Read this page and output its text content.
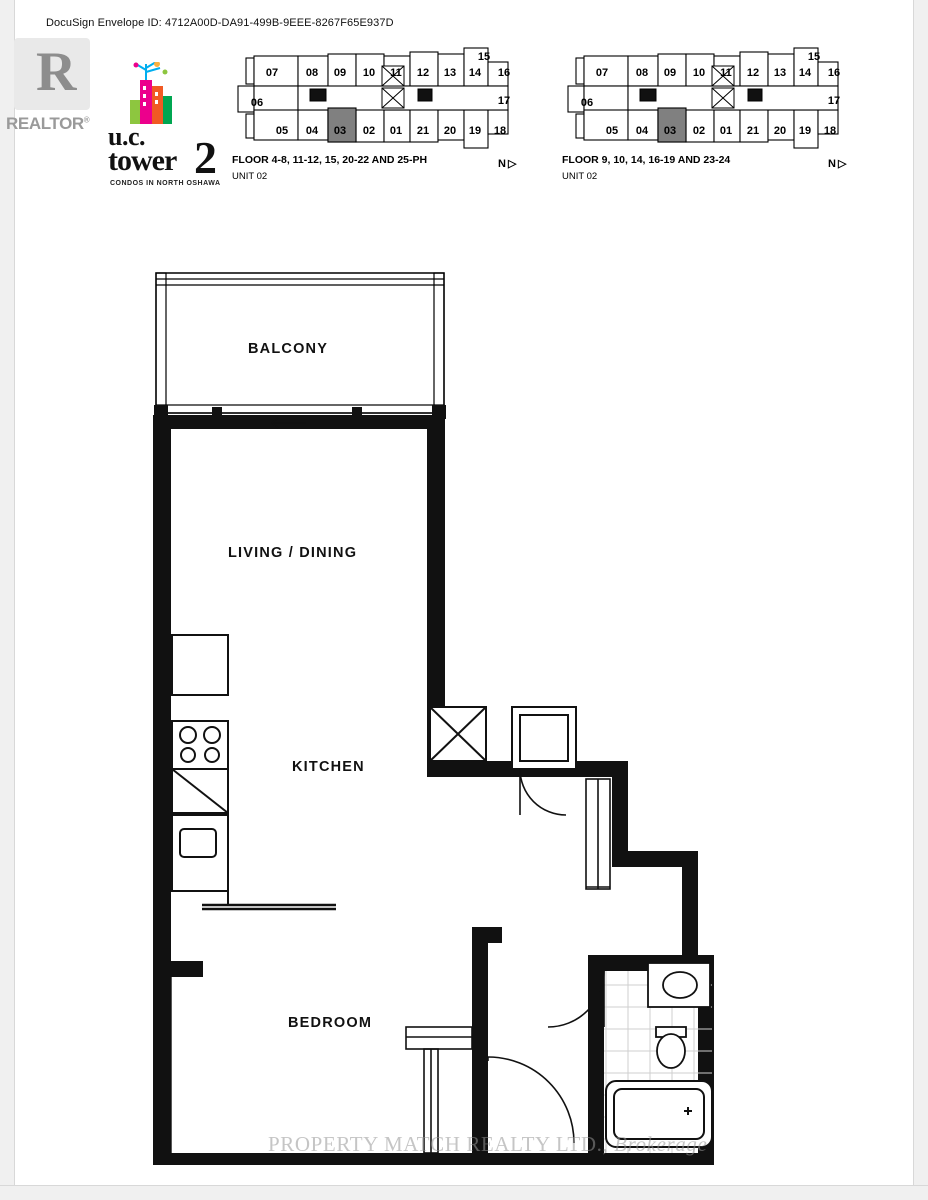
DocuSign Envelope ID: 4712A00D-DA91-499B-9EEE-8267F65E937D
R
REALTOR®
u.c.
tower 2
CONDOS IN NORTH OSHAWA
07	08 09 10 11 12 13 14
15
16
17
06
05 04 03 02 01 21 20 19 18
FLOOR 4-8, 11-12, 15, 20-22 AND 25-PH
UNIT 02
N ▷
07	08 09 10 11 12 13 14
15
16
17
06
05 04 03 02 01 21 20 19 18
FLOOR 9, 10, 14, 16-19 AND 23-24
UNIT 02
N ▷
BALCONY
LIVING / DINING
KITCHEN
BEDROOM
PROPERTY MATCH REALTY LTD., Brokerage
